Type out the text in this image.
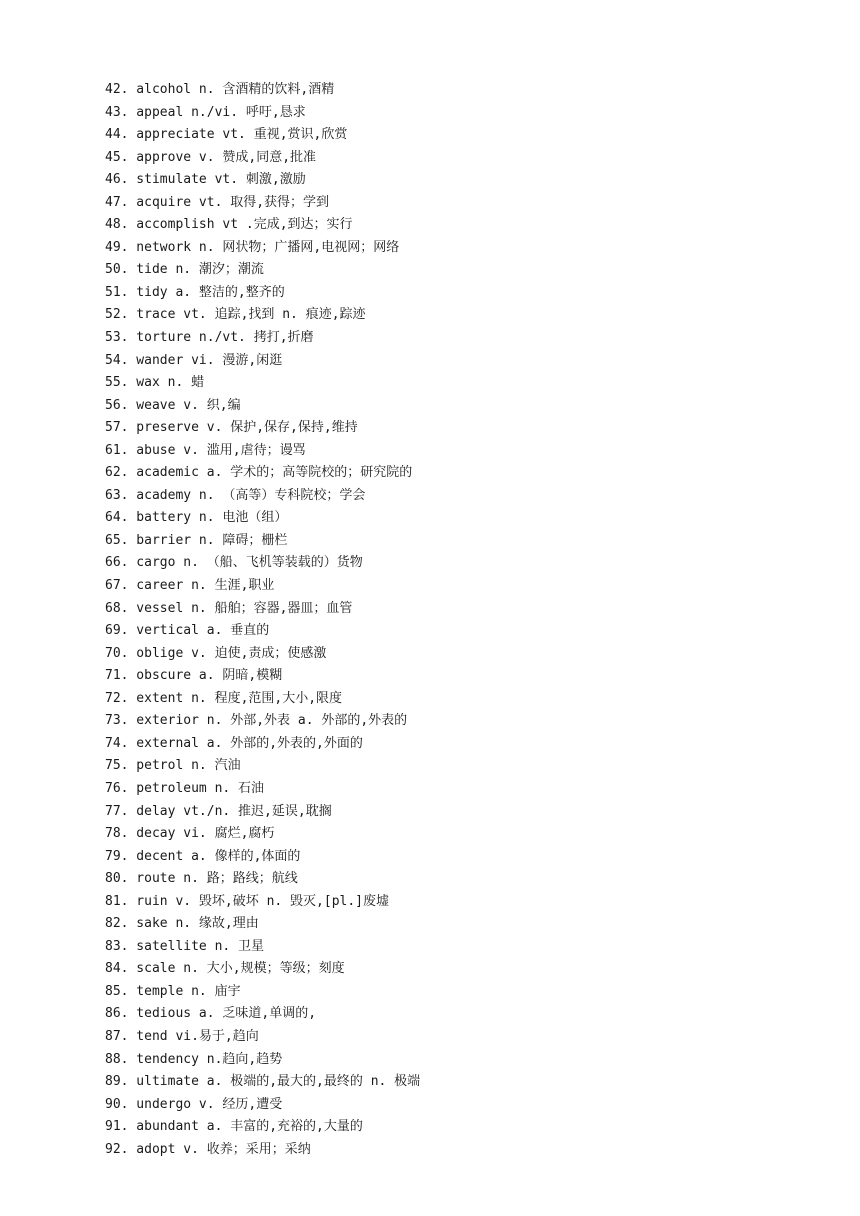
42. alcohol n. 含酒精的饮料,酒精
43. appeal n./vi. 呼吁,恳求
44. appreciate vt. 重视,赏识,欣赏
45. approve v. 赞成,同意,批准
46. stimulate vt. 刺激,激励
47. acquire vt. 取得,获得；学到
48. accomplish vt .完成,到达；实行
49. network n. 网状物；广播网,电视网；网络
50. tide n. 潮汐；潮流
51. tidy a. 整洁的,整齐的
52. trace vt. 追踪,找到 n. 痕迹,踪迹
53. torture n./vt. 拷打,折磨
54. wander vi. 漫游,闲逛
55. wax n. 蜡
56. weave v. 织,编
57. preserve v. 保护,保存,保持,维持
61. abuse v. 滥用,虐待；谩骂
62. academic a. 学术的；高等院校的；研究院的
63. academy n. （高等）专科院校；学会
64. battery n. 电池（组）
65. barrier n. 障碍；栅栏
66. cargo n. （船、飞机等装载的）货物
67. career n. 生涯,职业
68. vessel n. 船舶；容器,器皿；血管
69. vertical a. 垂直的
70. oblige v. 迫使,责成；使感激
71. obscure a. 阴暗,模糊
72. extent n. 程度,范围,大小,限度
73. exterior n. 外部,外表 a. 外部的,外表的
74. external a. 外部的,外表的,外面的
75. petrol n. 汽油
76. petroleum n. 石油
77. delay vt./n. 推迟,延误,耽搁
78. decay vi. 腐烂,腐朽
79. decent a. 像样的,体面的
80. route n. 路；路线；航线
81. ruin v. 毁坏,破坏 n. 毁灭,[pl.]废墟
82. sake n. 缘故,理由
83. satellite n. 卫星
84. scale n. 大小,规模；等级；刻度
85. temple n. 庙宇
86. tedious a. 乏味道,单调的,
87. tend vi.易于,趋向
88. tendency n.趋向,趋势
89. ultimate a. 极端的,最大的,最终的 n. 极端
90. undergo v. 经历,遭受
91. abundant a. 丰富的,充裕的,大量的
92. adopt v. 收养；采用；采纳
